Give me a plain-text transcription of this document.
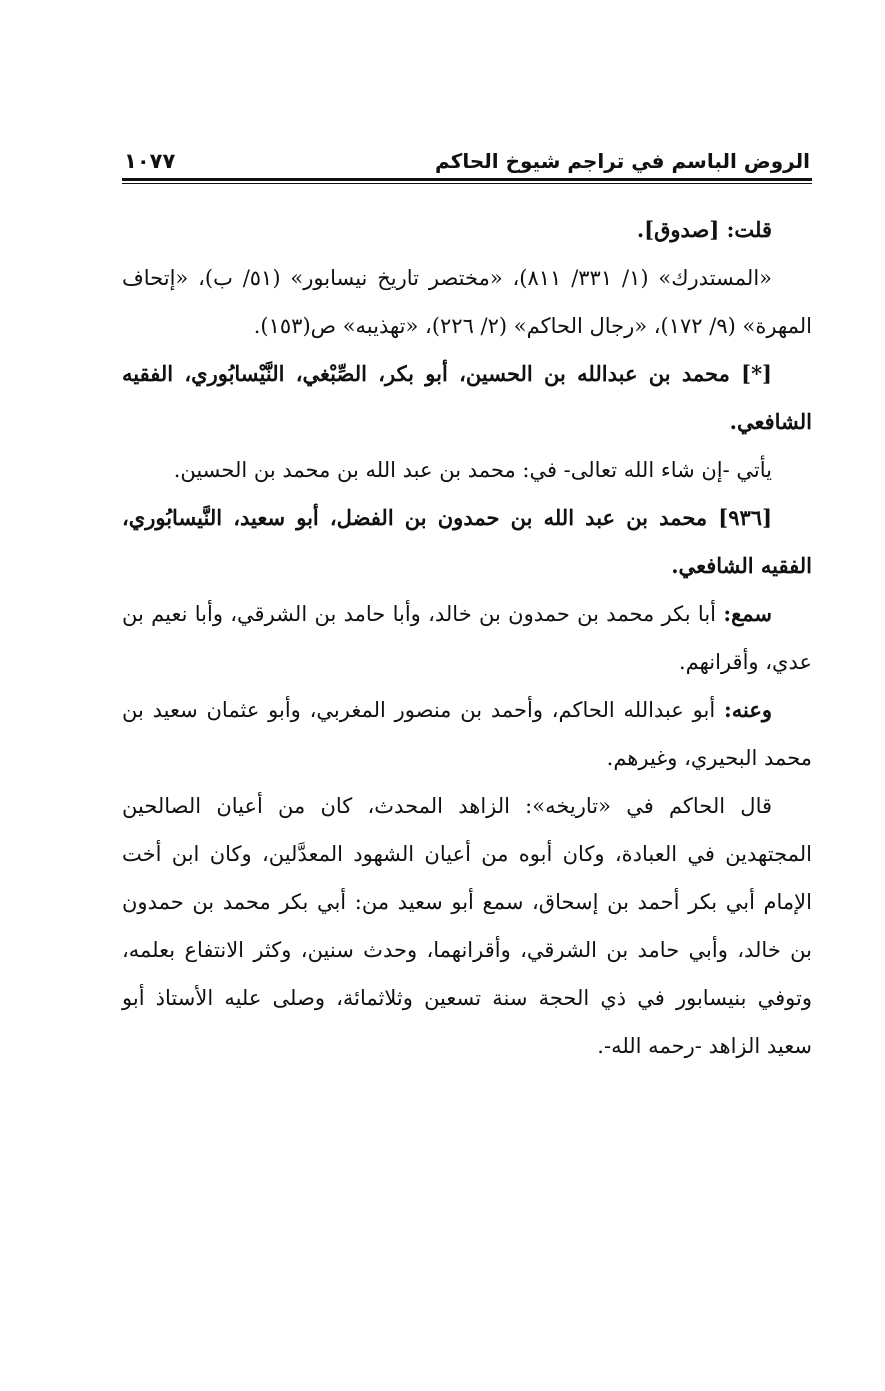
الروض الباسم في تراجم شيوخ الحاكم
١٠٧٧

قلت: [صدوق].

«المستدرك» (١/ ٣٣١/ ٨١١)، «مختصر تاريخ نيسابور» (٥١/ ب)، «إتحاف المهرة» (٩/ ١٧٢)، «رجال الحاكم» (٢/ ٢٢٦)، «تهذيبه» ص(١٥٣).

[*] محمد بن عبدالله بن الحسين، أبو بكر، الصِّبْغي، النَّيْسابُوري، الفقيه الشافعي.

يأتي -إن شاء الله تعالى- في: محمد بن عبد الله بن محمد بن الحسين.

[٩٣٦] محمد بن عبد الله بن حمدون بن الفضل، أبو سعيد، النَّيسابُوري، الفقيه الشافعي.

سمع: أبا بكر محمد بن حمدون بن خالد، وأبا حامد بن الشرقي، وأبا نعيم بن عدي، وأقرانهم.

وعنه: أبو عبدالله الحاكم، وأحمد بن منصور المغربي، وأبو عثمان سعيد بن محمد البحيري، وغيرهم.

قال الحاكم في «تاريخه»: الزاهد المحدث، كان من أعيان الصالحين المجتهدين في العبادة، وكان أبوه من أعيان الشهود المعدَّلين، وكان ابن أخت الإمام أبي بكر أحمد بن إسحاق، سمع أبو سعيد من: أبي بكر محمد بن حمدون بن خالد، وأبي حامد بن الشرقي، وأقرانهما، وحدث سنين، وكثر الانتفاع بعلمه، وتوفي بنيسابور في ذي الحجة سنة تسعين وثلاثمائة، وصلى عليه الأستاذ أبو سعيد الزاهد -رحمه الله-.
